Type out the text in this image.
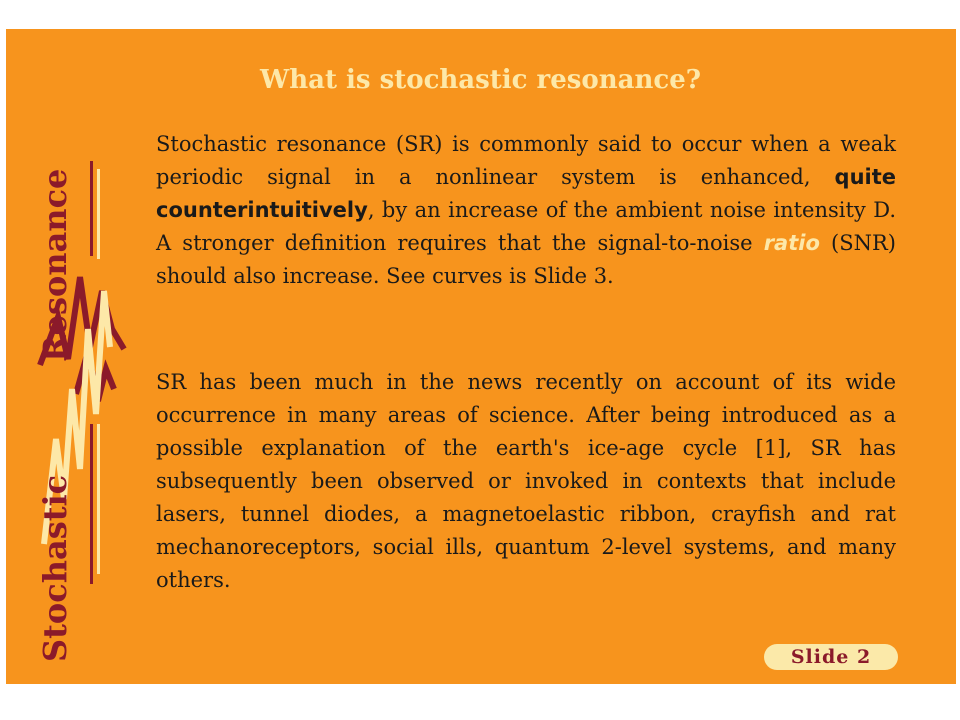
Resonance
Stochastic
What is stochastic resonance?

Stochastic resonance (SR) is commonly said to occur when a weak periodic signal in a nonlinear system is enhanced, quite counterintuitively, by an increase of the ambient noise intensity D. A stronger definition requires that the signal-to-noise ratio (SNR) should also increase. See curves is Slide 3.

SR has been much in the news recently on account of its wide occurrence in many areas of science. After being introduced as a possible explanation of the earth's ice-age cycle [1], SR has subsequently been observed or invoked in contexts that include lasers, tunnel diodes, a magnetoelastic ribbon, crayfish and rat mechanoreceptors, social ills, quantum 2-level systems, and many others.

Slide 2
